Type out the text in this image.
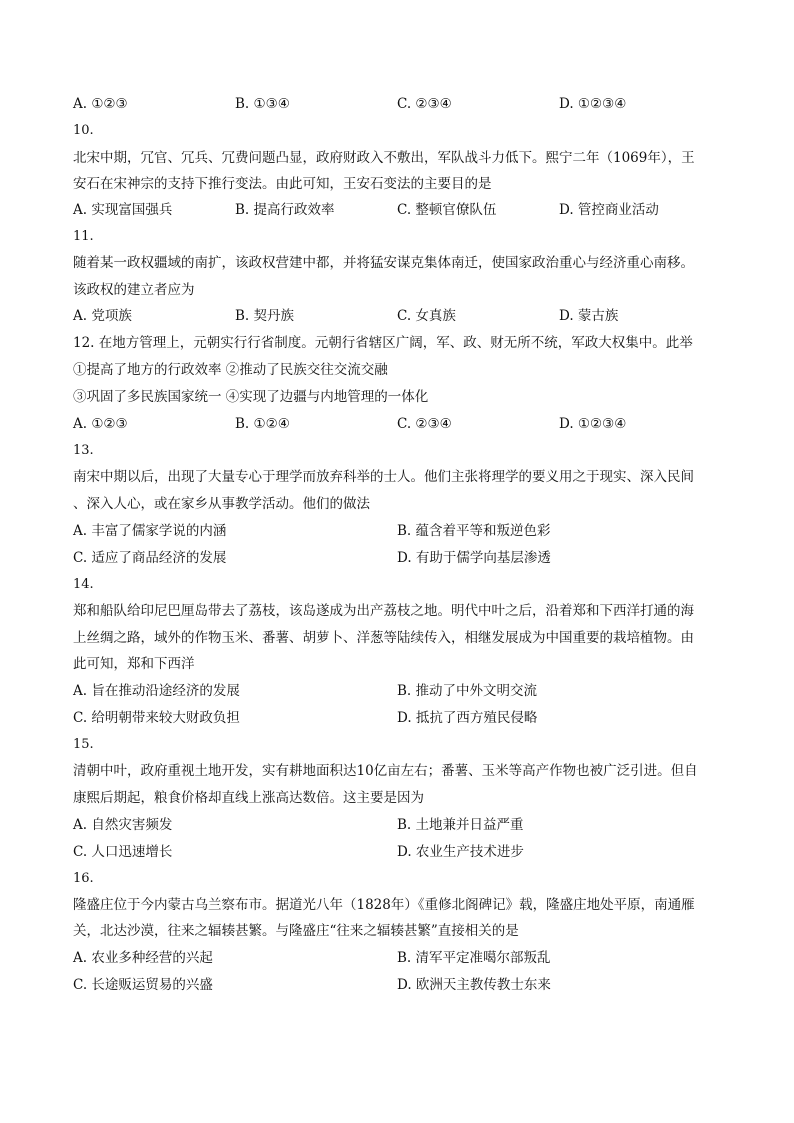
A. ①②③	B. ①③④	C. ②③④	D. ①②③④
10.
北宋中期，冗官、冗兵、冗费问题凸显，政府财政入不敷出，军队战斗力低下。熙宁二年（1069年），王
安石在宋神宗的支持下推行变法。由此可知，王安石变法的主要目的是
A. 实现富国强兵	B. 提高行政效率	C. 整顿官僚队伍	D. 管控商业活动
11.
随着某一政权疆域的南扩，该政权营建中都，并将猛安谋克集体南迁，使国家政治重心与经济重心南移。
该政权的建立者应为
A. 党项族	B. 契丹族	C. 女真族	D. 蒙古族
12. 在地方管理上，元朝实行行省制度。元朝行省辖区广阔，军、政、财无所不统，军政大权集中。此举
①提高了地方的行政效率 ②推动了民族交往交流交融
③巩固了多民族国家统一 ④实现了边疆与内地管理的一体化
A. ①②③	B. ①②④	C. ②③④	D. ①②③④
13.
南宋中期以后，出现了大量专心于理学而放弃科举的士人。他们主张将理学的要义用之于现实、深入民间
、深入人心，或在家乡从事教学活动。他们的做法
A. 丰富了儒家学说的内涵	B. 蕴含着平等和叛逆色彩
C. 适应了商品经济的发展	D. 有助于儒学向基层渗透
14.
郑和船队给印尼巴厘岛带去了荔枝，该岛遂成为出产荔枝之地。明代中叶之后，沿着郑和下西洋打通的海
上丝绸之路，域外的作物玉米、番薯、胡萝卜、洋葱等陆续传入，相继发展成为中国重要的栽培植物。由
此可知，郑和下西洋
A. 旨在推动沿途经济的发展	B. 推动了中外文明交流
C. 给明朝带来较大财政负担	D. 抵抗了西方殖民侵略
15.
清朝中叶，政府重视土地开发，实有耕地面积达10亿亩左右；番薯、玉米等高产作物也被广泛引进。但自
康熙后期起，粮食价格却直线上涨高达数倍。这主要是因为
A. 自然灾害频发	B. 土地兼并日益严重
C. 人口迅速增长	D. 农业生产技术进步
16.
隆盛庄位于今内蒙古乌兰察布市。据道光八年（1828年）《重修北阁碑记》载，隆盛庄地处平原，南通雁
关，北达沙漠，往来之辐辏甚繁。与隆盛庄“往来之辐辏甚繁”直接相关的是
A. 农业多种经营的兴起	B. 清军平定准噶尔部叛乱
C. 长途贩运贸易的兴盛	D. 欧洲天主教传教士东来
